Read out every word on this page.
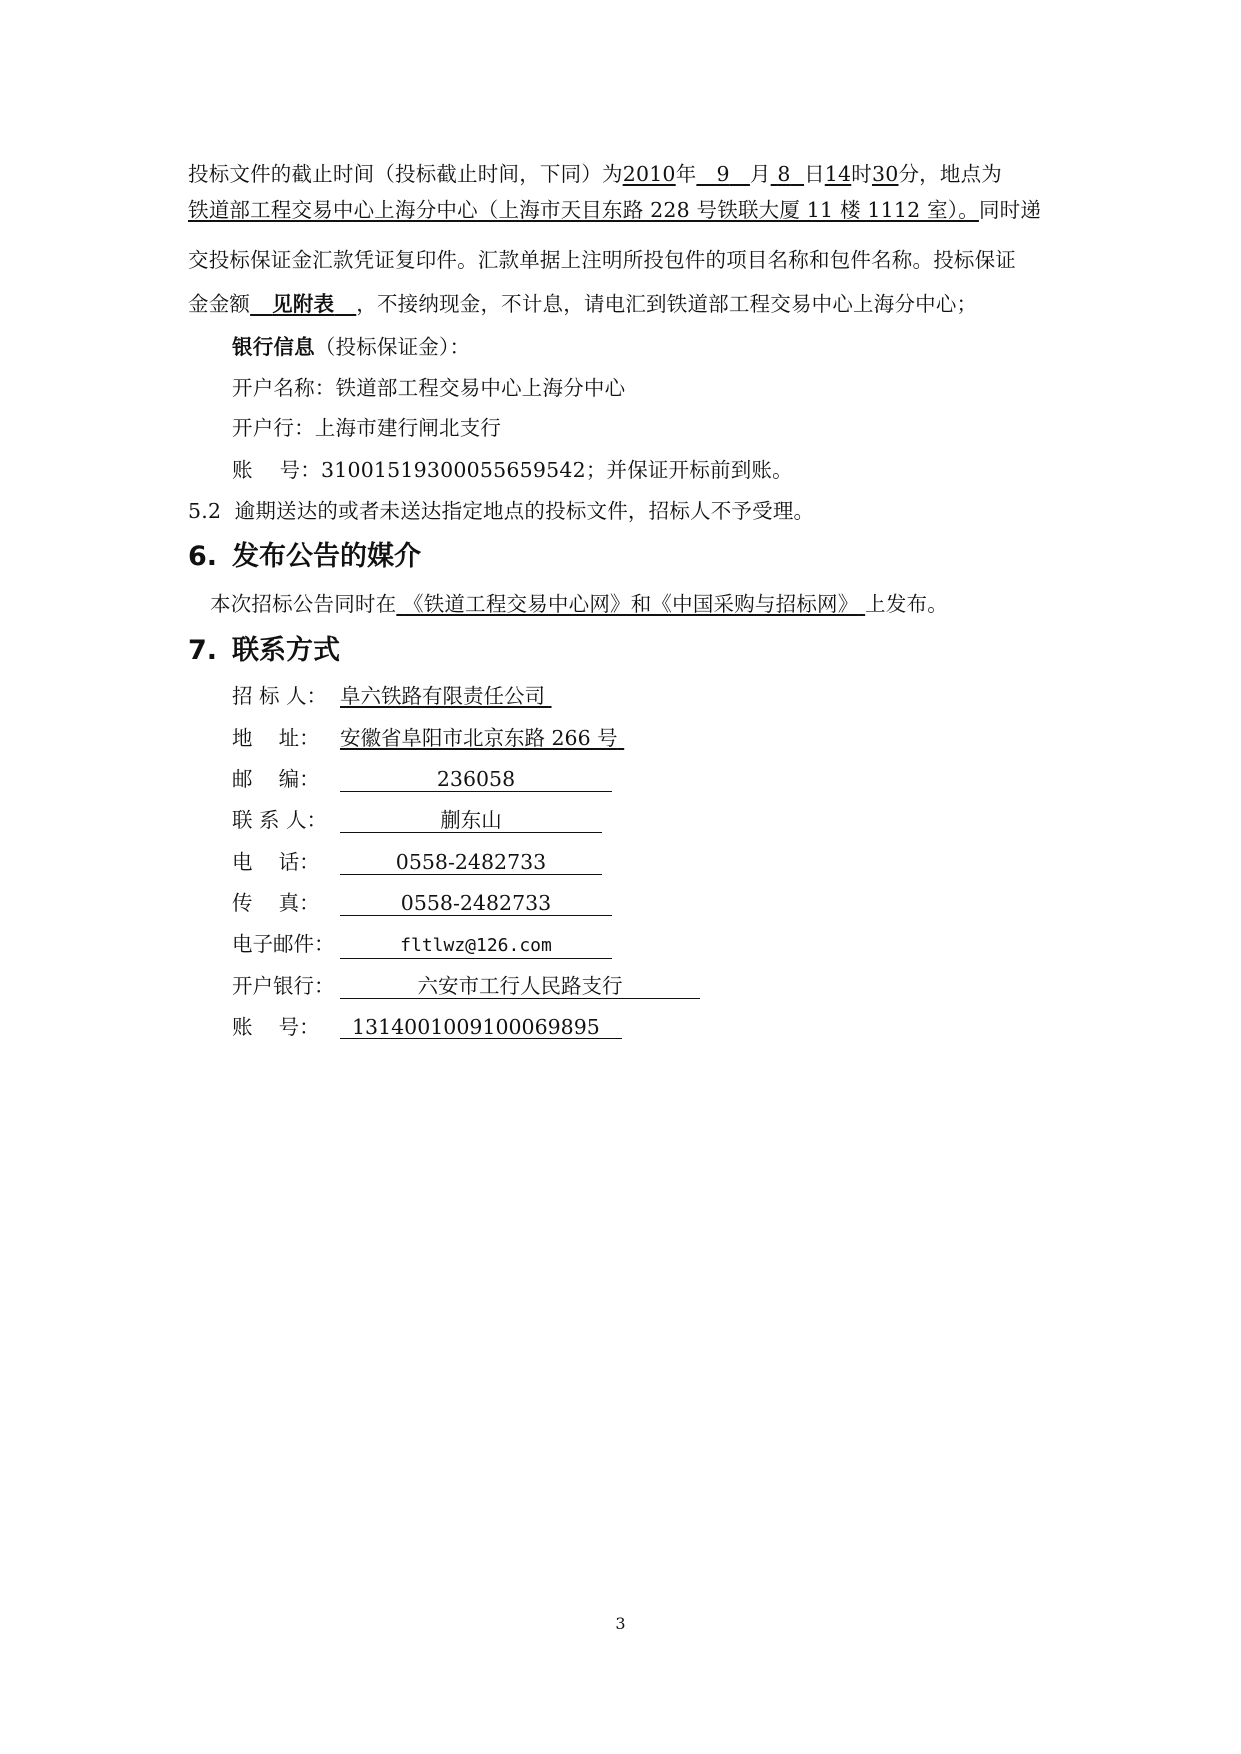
投标文件的截止时间（投标截止时间，下同）为2010年 9 月 8 日14时30分，地点为
铁道部工程交易中心上海分中心（上海市天目东路 228 号铁联大厦 11 楼 1112 室）。同时递
交投标保证金汇款凭证复印件。汇款单据上注明所投包件的项目名称和包件名称。投标保证
金金额 见附表 ，不接纳现金，不计息，请电汇到铁道部工程交易中心上海分中心；
银行信息（投标保证金）：
开户名称：铁道部工程交易中心上海分中心
开户行：上海市建行闸北支行
账    号：31001519300055659542；并保证开标前到账。
5.2  逾期送达的或者未送达指定地点的投标文件，招标人不予受理。
6. 发布公告的媒介
本次招标公告同时在 《铁道工程交易中心网》和《中国采购与招标网》 上发布。
7. 联系方式
招 标 人： 阜六铁路有限责任公司
地    址： 安徽省阜阳市北京东路 266 号
邮    编：	236058
联 系 人：	蒯东山
电    话：	0558-2482733
传    真：	0558-2482733
电子邮件：	fltlwz@126.com
开户银行：	六安市工行人民路支行
账    号： 1314001009100069895
3
